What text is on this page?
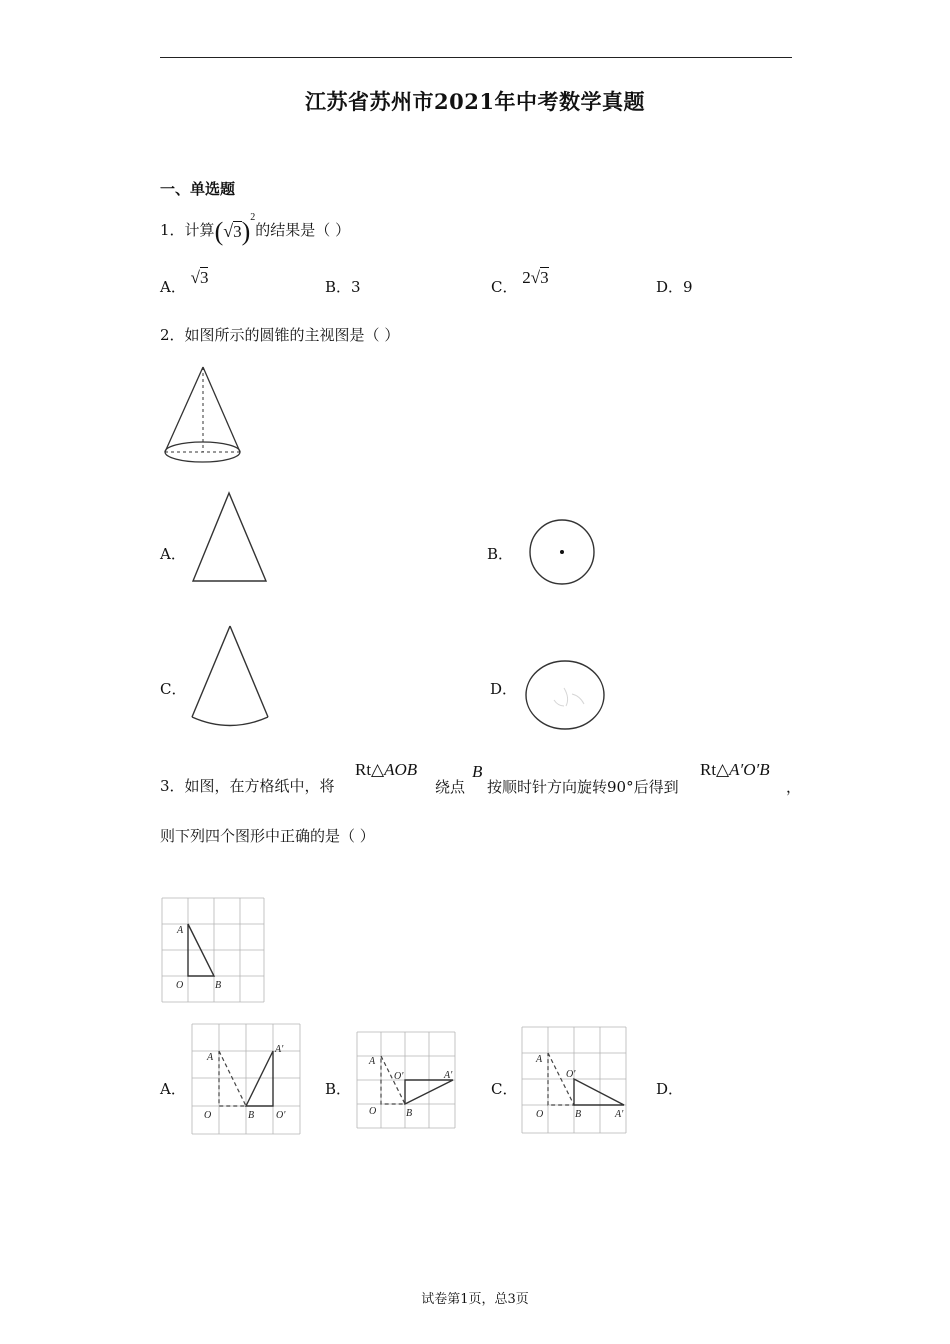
江苏省苏州市2021年中考数学真题
一、单选题
1．计算$(√3)^2$的结果是（ ）
A． √3	B．3	C． 2√3	D．9
2．如图所示的圆锥的主视图是（ ）
A．	B．
C．	D．
3．如图，在方格纸中，将
Rt△AOB
绕点
B
按顺时针方向旋转90°后得到
Rt△A′O′B
，
则下列四个图形中正确的是（ ）
A
O	B
A．
A
A'
O	B O'
B．
A
O'	A'
O	B
C．
A
O'
O	B	A'
D．
试卷第1页，总3页
